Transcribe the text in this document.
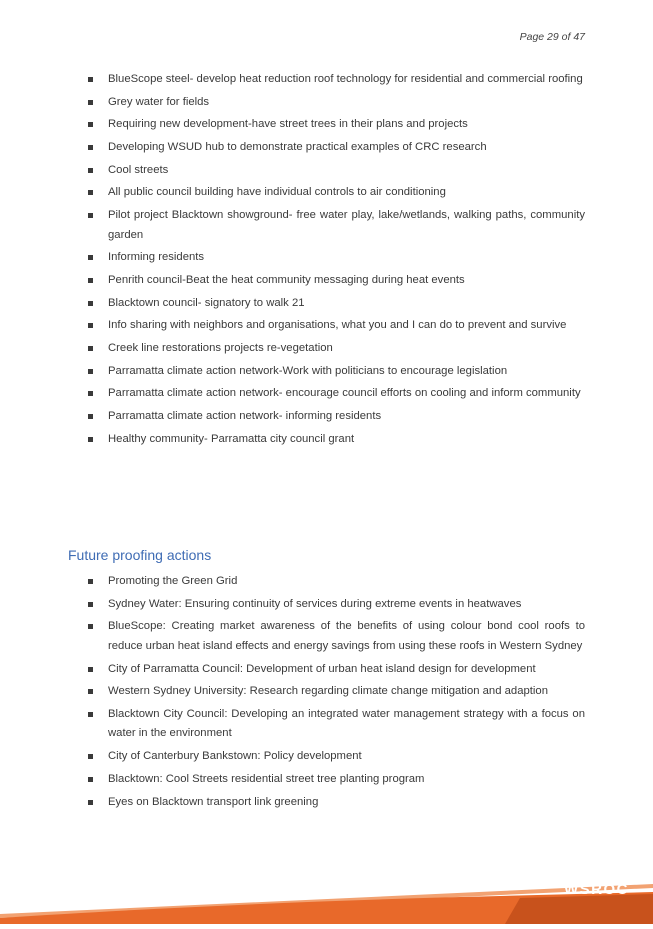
Page 29 of 47
BlueScope steel- develop heat reduction roof technology for residential and commercial roofing
Grey water for fields
Requiring new development-have street trees in their plans and projects
Developing WSUD hub to demonstrate practical examples of CRC research
Cool streets
All public council building have individual controls to air conditioning
Pilot project Blacktown showground- free water play, lake/wetlands, walking paths, community garden
Informing residents
Penrith council-Beat the heat community messaging during heat events
Blacktown council- signatory to walk 21
Info sharing with neighbors and organisations, what you and I can do to prevent and survive
Creek line restorations projects re-vegetation
Parramatta climate action network-Work with politicians to encourage legislation
Parramatta climate action network- encourage council efforts on cooling and inform community
Parramatta climate action network- informing residents
Healthy community- Parramatta city council grant
Future proofing actions
Promoting the Green Grid
Sydney Water: Ensuring continuity of services during extreme events in heatwaves
BlueScope: Creating market awareness of the benefits of using colour bond cool roofs to reduce urban heat island effects and energy savings from using these roofs in Western Sydney
City of Parramatta Council: Development of urban heat island design for development
Western Sydney University: Research regarding climate change mitigation and adaption
Blacktown City Council: Developing an integrated water management strategy with a focus on water in the environment
City of Canterbury Bankstown: Policy development
Blacktown: Cool Streets residential street tree planting program
Eyes on Blacktown transport link greening
WSROC
